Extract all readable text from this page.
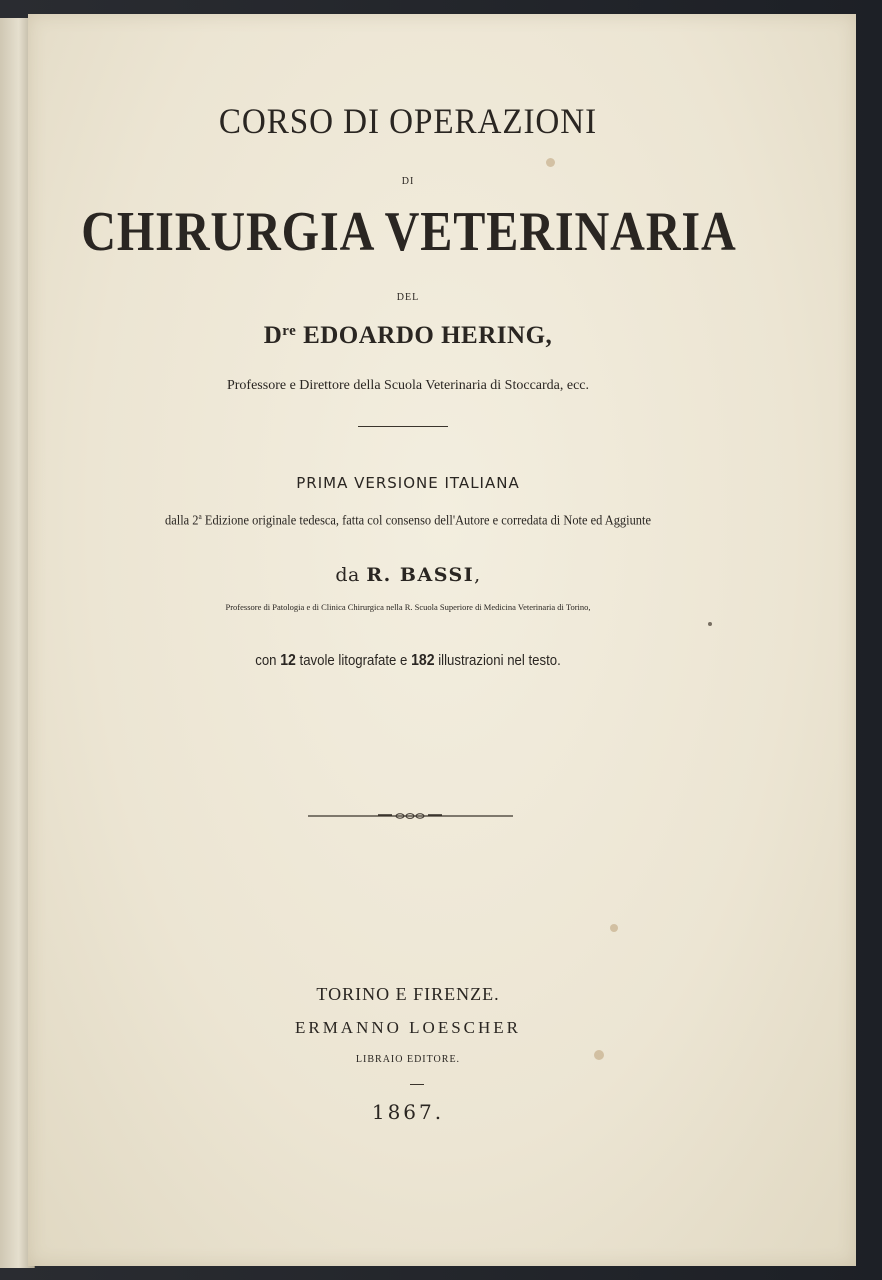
CORSO DI OPERAZIONI
DI
CHIRURGIA VETERINARIA
DEL
Dre EDOARDO HERING,
Professore e Direttore della Scuola Veterinaria di Stoccarda, ecc.
PRIMA VERSIONE ITALIANA
dalla 2$^a$ Edizione originale tedesca, fatta col consenso dell'Autore e corredata di Note ed Aggiunte
da R. BASSI,
Professore di Patologia e di Clinica Chirurgica nella R. Scuola Superiore di Medicina Veterinaria di Torino,
con 12 tavole litografate e 182 illustrazioni nel testo.
TORINO E FIRENZE.
ERMANNO LOESCHER
LIBRAIO EDITORE.
1867.
